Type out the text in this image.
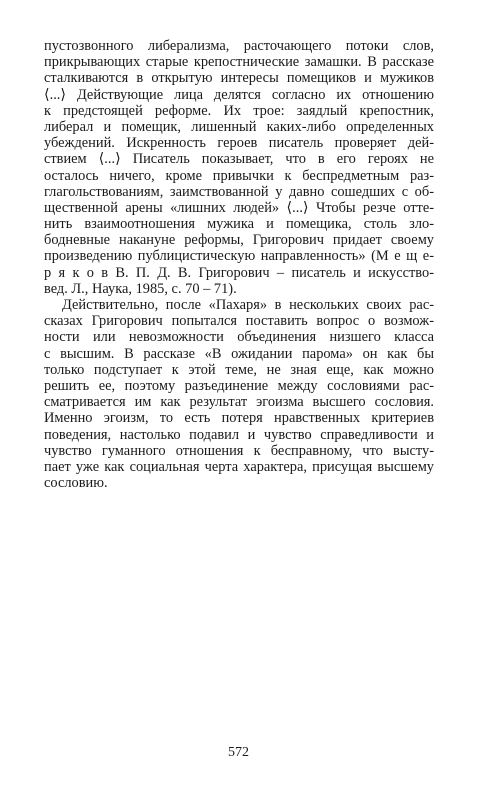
пустозвонного либерализма, расточающего потоки слов,
прикрывающих старые крепостнические замашки. В рассказе
сталкиваются в открытую интересы помещиков и мужиков
⟨...⟩ Действующие лица делятся согласно их отношению
к предстоящей реформе. Их трое: заядлый крепостник,
либерал и помещик, лишенный каких-либо определенных
убеждений. Искренность героев писатель проверяет дей-
ствием ⟨...⟩ Писатель показывает, что в его героях не
осталось ничего, кроме привычки к беспредметным раз-
глагольствованиям, заимствованной у давно сошедших с об-
щественной арены «лишних людей» ⟨...⟩ Чтобы резче отте-
нить взаимоотношения мужика и помещика, столь зло-
бодневные накануне реформы, Григорович придает своему
произведению публицистическую направленность» (М е щ е-
р я к о в В. П. Д. В. Григорович – писатель и искусство-
вед. Л., Наука, 1985, с. 70 – 71).
Действительно, после «Пахаря» в нескольких своих рас-
сказах Григорович попытался поставить вопрос о возмож-
ности или невозможности объединения низшего класса
с высшим. В рассказе «В ожидании парома» он как бы
только подступает к этой теме, не зная еще, как можно
решить ее, поэтому разъединение между сословиями рас-
сматривается им как результат эгоизма высшего сословия.
Именно эгоизм, то есть потеря нравственных критериев
поведения, настолько подавил и чувство справедливости и
чувство гуманного отношения к бесправному, что высту-
пает уже как социальная черта характера, присущая высшему
сословию.
572
